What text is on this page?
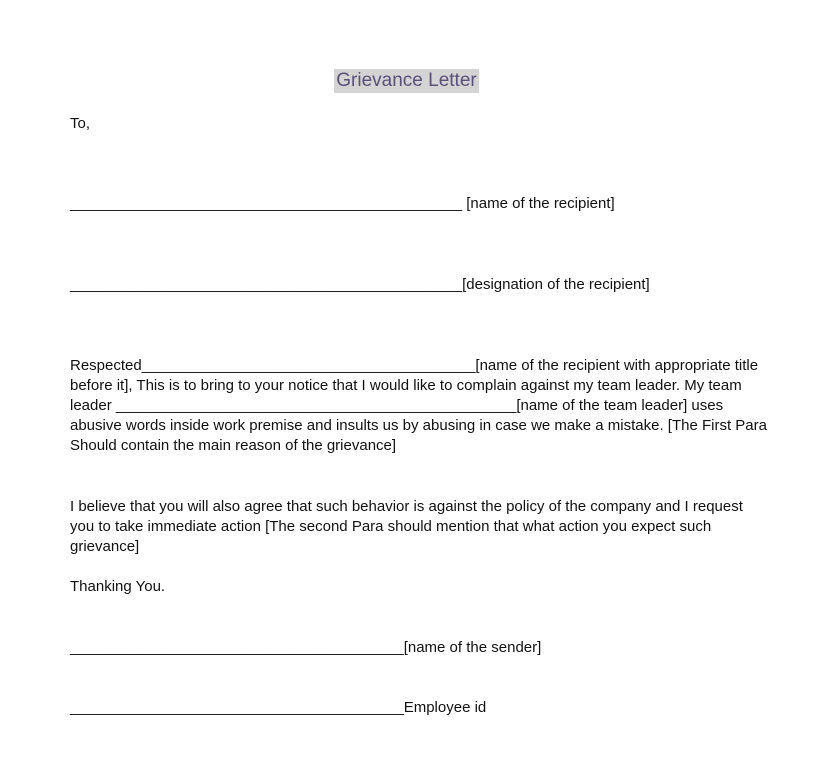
Grievance Letter
To,
_______________________________________________ [name of the recipient]
_______________________________________________[designation of the recipient]
Respected________________________________________[name of the recipient with appropriate title before it], This is to bring to your notice that I would like to complain against my team leader. My team leader ________________________________________________[name of the team leader] uses abusive words inside work premise and insults us by abusing in case we make a mistake. [The First Para Should contain the main reason of the grievance]
I believe that you will also agree that such behavior is against the policy of the company and I request you to take immediate action [The second Para should mention that what action you expect such grievance]
Thanking You.
________________________________________[name of the sender]
________________________________________Employee id
